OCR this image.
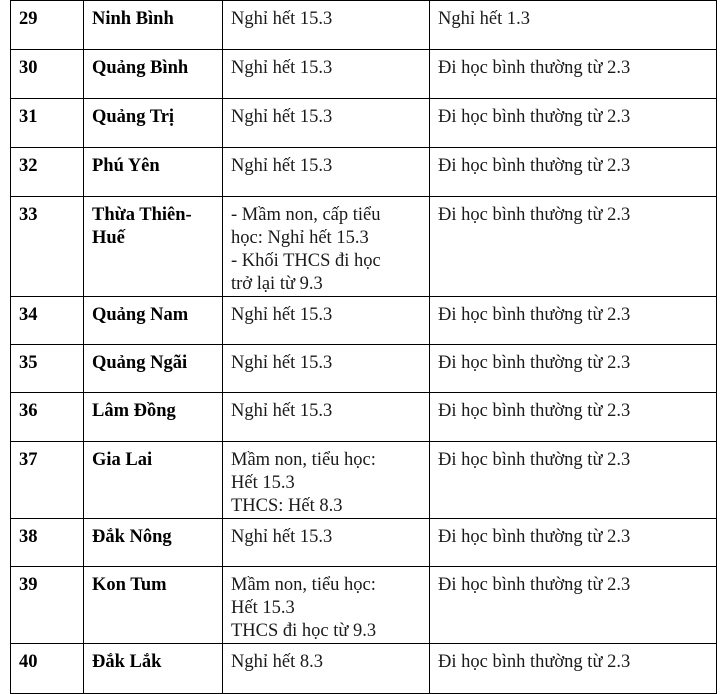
29	Ninh Bình	Nghỉ hết 15.3	Nghỉ hết 1.3

30	Quảng Bình	Nghỉ hết 15.3	Đi học bình thường từ 2.3

31	Quảng Trị	Nghỉ hết 15.3	Đi học bình thường từ 2.3

32	Phú Yên	Nghỉ hết 15.3	Đi học bình thường từ 2.3

33	Thừa Thiên-
Huế	- Mầm non, cấp tiểu
học: Nghỉ hết 15.3
- Khối THCS đi học
trở lại từ 9.3	Đi học bình thường từ 2.3

34	Quảng Nam	Nghỉ hết 15.3	Đi học bình thường từ 2.3

35	Quảng Ngãi	Nghỉ hết 15.3	Đi học bình thường từ 2.3

36	Lâm Đồng	Nghỉ hết 15.3	Đi học bình thường từ 2.3

37	Gia Lai	Mầm non, tiểu học:
Hết 15.3
THCS: Hết 8.3	Đi học bình thường từ 2.3

38	Đắk Nông	Nghỉ hết 15.3	Đi học bình thường từ 2.3

39	Kon Tum	Mầm non, tiểu học:
Hết 15.3
THCS đi học từ 9.3	Đi học bình thường từ 2.3

40	Đắk Lắk	Nghỉ hết 8.3	Đi học bình thường từ 2.3
